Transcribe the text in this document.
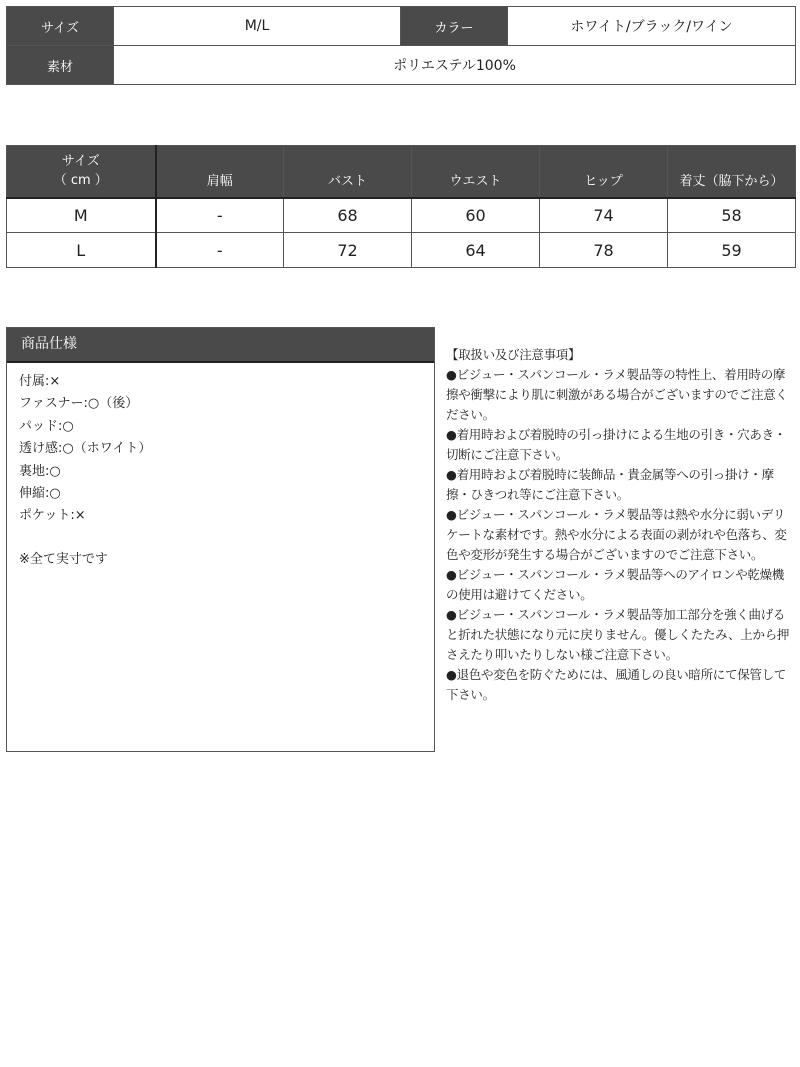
サイズ	M/L	カラー	ホワイト/ブラック/ワイン
素材	ポリエステル100%		
サイズ
（ cm ）	肩幅	バスト	ウエスト	ヒップ	着丈（脇下から）
M	-	68	60	74	58
L	-	72	64	78	59
商品仕様
付属:×
ファスナー:○（後）
パッド:○
透け感:○（ホワイト）
裏地:○
伸縮:○
ポケット:×
※全て実寸です
【取扱い及び注意事項】
●ビジュー・スパンコール・ラメ製品等の特性上、着用時の摩擦や衝撃により肌に刺激がある場合がございますのでご注意ください。
●着用時および着脱時の引っ掛けによる生地の引き・穴あき・切断にご注意下さい。
●着用時および着脱時に装飾品・貴金属等への引っ掛け・摩擦・ひきつれ等にご注意下さい。
●ビジュー・スパンコール・ラメ製品等は熱や水分に弱いデリケートな素材です。熱や水分による表面の剥がれや色落ち、変色や変形が発生する場合がございますのでご注意下さい。
●ビジュー・スパンコール・ラメ製品等へのアイロンや乾燥機の使用は避けてください。
●ビジュー・スパンコール・ラメ製品等加工部分を強く曲げると折れた状態になり元に戻りません。優しくたたみ、上から押さえたり叩いたりしない様ご注意下さい。
●退色や変色を防ぐためには、風通しの良い暗所にて保管して下さい。
